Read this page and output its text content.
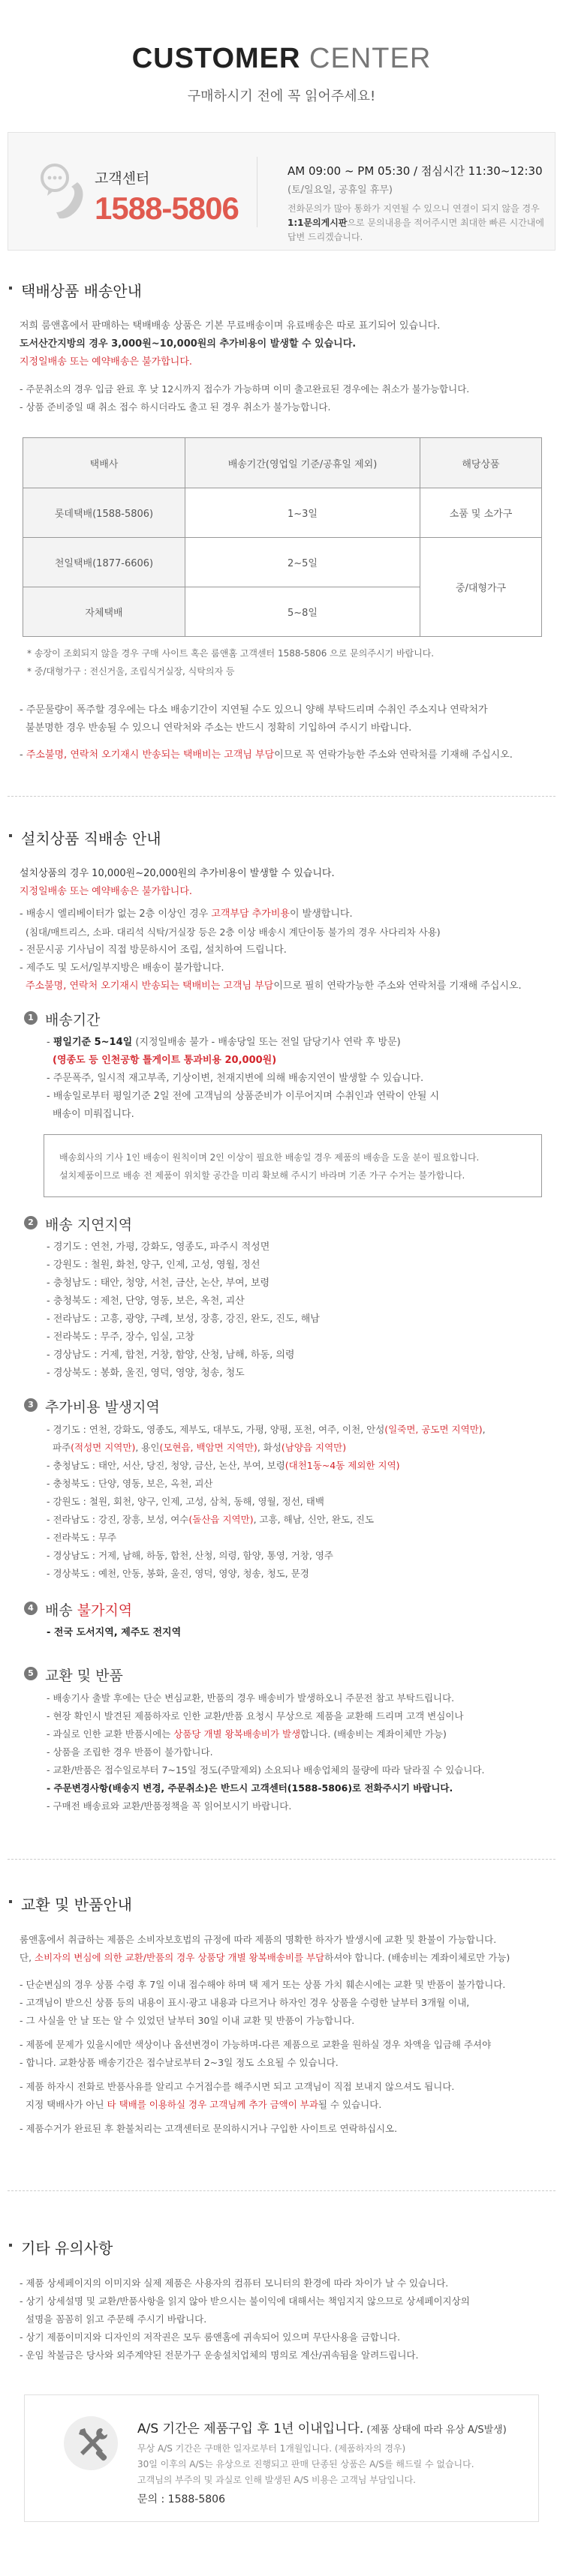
CUSTOMER CENTER
구매하시기 전에 꼭 읽어주세요!
고객센터
1588-5806
AM 09:00 ~ PM 05:30 / 점심시간 11:30~12:30
(토/일요일, 공휴일 휴무)
전화문의가 많아 통화가 지연될 수 있으니 연결이 되지 않을 경우
1:1문의게시판으로 문의내용을 적어주시면 최대한 빠른 시간내에
답변 드리겠습니다.
택배상품 배송안내
저희 룸앤홈에서 판매하는 택배배송 상품은 기본 무료배송이며 유료배송은 따로 표기되어 있습니다.
도서산간지방의 경우 3,000원~10,000원의 추가비용이 발생할 수 있습니다.
지정일배송 또는 예약배송은 불가합니다.
- 주문취소의 경우 입금 완료 후 낮 12시까지 접수가 가능하며 이미 출고완료된 경우에는 취소가 불가능합니다.
- 상품 준비중일 때 취소 접수 하시더라도 출고 된 경우 취소가 불가능합니다.
택배사	배송기간(영업일 기준/공휴일 제외)	해당상품
롯데택배(1588-5806)	1~3일	소품 및 소가구
천일택배(1877-6606)	2~5일	중/대형가구
자체택배	5~8일	
* 송장이 조회되지 않을 경우 구매 사이트 혹은 룸앤홈 고객센터 1588-5806 으로 문의주시기 바랍니다.
* 중/대형가구 : 전신거울, 조립식거실장, 식탁의자 등
- 주문물량이 폭주할 경우에는 다소 배송기간이 지연될 수도 있으니 양해 부탁드리며 수취인 주소지나 연락처가
불분명한 경우 반송될 수 있으니 연락처와 주소는 반드시 정확히 기입하여 주시기 바랍니다.
- 주소불명, 연락처 오기재시 반송되는 택배비는 고객님 부담이므로 꼭 연락가능한 주소와 연락처를 기재해 주십시오.
설치상품 직배송 안내
설치상품의 경우 10,000원~20,000원의 추가비용이 발생할 수 있습니다.
지정일배송 또는 예약배송은 불가합니다.
- 배송시 엘리베이터가 없는 2층 이상인 경우 고객부담 추가비용이 발생합니다.
(침대/매트리스, 소파. 대리석 식탁/거실장 등은 2층 이상 배송시 계단이동 불가의 경우 사다리차 사용)
- 전문시공 기사님이 직접 방문하시어 조립, 설치하여 드립니다.
- 제주도 및 도서/일부지방은 배송이 불가합니다.
주소불명, 연락처 오기재시 반송되는 택배비는 고객님 부담이므로 필히 연락가능한 주소와 연락처를 기재해 주십시오.
1 배송기간
- 평일기준 5~14일 (지정일배송 불가 - 배송당일 또는 전일 담당기사 연락 후 방문)
(영종도 등 인천공항 톨게이트 통과비용 20,000원)
- 주문폭주, 일시적 재고부족, 기상이변, 천재지변에 의해 배송지연이 발생할 수 있습니다.
- 배송일로부터 평일기준 2일 전에 고객님의 상품준비가 이루어지며 수취인과 연락이 안될 시
배송이 미뤄집니다.
배송회사의 기사 1인 배송이 원칙이며 2인 이상이 필요한 배송일 경우 제품의 배송을 도울 분이 필요합니다.
설치제품이므로 배송 전 제품이 위치할 공간을 미리 확보해 주시기 바라며 기존 가구 수거는 불가합니다.
2 배송 지연지역
- 경기도 : 연천, 가평, 강화도, 영종도, 파주시 적성면
- 강원도 : 철원, 화천, 양구, 인제, 고성, 영월, 정선
- 충청남도 : 태안, 청양, 서천, 금산, 논산, 부여, 보령
- 충청북도 : 제천, 단양, 영동, 보은, 옥천, 괴산
- 전라남도 : 고흥, 광양, 구례, 보성, 장흥, 강진, 완도, 진도, 해남
- 전라북도 : 무주, 장수, 임실, 고창
- 경상남도 : 거제, 합천, 거창, 함양, 산청, 남해, 하동, 의령
- 경상북도 : 봉화, 울진, 영덕, 영양, 청송, 청도
3 추가비용 발생지역
- 경기도 : 연천, 강화도, 영종도, 제부도, 대부도, 가평, 양평, 포천, 여주, 이천, 안성(일죽면, 공도면 지역만),
파주(적성면 지역만), 용인(모현읍, 백암면 지역만), 화성(남양읍 지역만)
- 충청남도 : 태안, 서산, 당진, 청양, 금산, 논산, 부여, 보령(대천1동~4동 제외한 지역)
- 충청북도 : 단양, 영동, 보은, 옥천, 괴산
- 강원도 : 철원, 회천, 양구, 인제, 고성, 삼척, 동해, 영월, 정선, 태백
- 전라남도 : 강진, 장흥, 보성, 여수(돌산읍 지역만), 고흥, 해남, 신안, 완도, 진도
- 전라북도 : 무주
- 경상남도 : 거제, 남해, 하동, 합천, 산청, 의령, 함양, 통영, 거창, 영주
- 경상북도 : 예천, 안동, 봉화, 울진, 영덕, 영양, 청송, 청도, 문경
4 배송 불가지역
- 전국 도서지역, 제주도 전지역
5 교환 및 반품
- 배송기사 출발 후에는 단순 변심교환, 반품의 경우 배송비가 발생하오니 주문전 참고 부탁드립니다.
- 현장 확인시 발견된 제품하자로 인한 교환/반품 요청시 무상으로 제품을 교환해 드리며 고객 변심이나
- 과실로 인한 교환 반품시에는 상품당 개별 왕복배송비가 발생합니다. (배송비는 계좌이체만 가능)
- 상품을 조립한 경우 반품이 불가합니다.
- 교환/반품은 접수일로부터 7~15일 정도(주말제외) 소요되나 배송업체의 물량에 따라 달라질 수 있습니다.
- 주문변경사항(배송지 변경, 주문취소)은 반드시 고객센터(1588-5806)로 전화주시기 바랍니다.
- 구매전 배송료와 교환/반품정책을 꼭 읽어보시기 바랍니다.
교환 및 반품안내
룸앤홈에서 취급하는 제품은 소비자보호법의 규정에 따라 제품의 명확한 하자가 발생시에 교환 및 환불이 가능합니다.
단, 소비자의 변심에 의한 교환/반품의 경우 상품당 개별 왕복배송비를 부담하셔야 합니다. (배송비는 계좌이체로만 가능)
- 단순변심의 경우 상품 수령 후 7일 이내 접수해야 하며 택 제거 또는 상품 가치 훼손시에는 교환 및 반품이 불가합니다.
- 고객님이 받으신 상품 등의 내용이 표시·광고 내용과 다르거나 하자인 경우 상품을 수령한 날부터 3개월 이내,
- 그 사실을 안 날 또는 알 수 있었던 날부터 30일 이내 교환 및 반품이 가능합니다.
- 제품에 문제가 있을시에만 색상이나 옵션변경이 가능하며-다른 제품으로 교환을 원하실 경우 차액을 입금해 주셔야
- 합니다. 교환상품 배송기간은 접수날로부터 2~3일 정도 소요될 수 있습니다.
- 제품 하자시 전화로 반품사유를 알리고 수거접수를 해주시면 되고 고객님이 직접 보내지 않으셔도 됩니다.
지정 택배사가 아닌 타 택배를 이용하실 경우 고객님께 추가 금액이 부과될 수 있습니다.
- 제품수거가 완료된 후 환불처리는 고객센터로 문의하시거나 구입한 사이트로 연락하십시오.
기타 유의사항
- 제품 상세페이지의 이미지와 실제 제품은 사용자의 컴퓨터 모니터의 환경에 따라 차이가 날 수 있습니다.
- 상기 상세설명 및 교환/반품사항을 읽지 않아 받으시는 불이익에 대해서는 책임지지 않으므로 상세페이지상의
설명을 꼼꼼히 읽고 주문해 주시기 바랍니다.
- 상기 제품이미지와 디자인의 저작권은 모두 룸앤홈에 귀속되어 있으며 무단사용을 금합니다.
- 운임 착불금은 당사와 외주계약된 전문가구 운송설치업체의 명의로 계산/귀속됨을 알려드립니다.
A/S 기간은 제품구입 후 1년 이내입니다. (제품 상태에 따라 유상 A/S발생)
무상 A/S 기간은 구매한 일자로부터 1개월입니다. (제품하자의 경우)
30일 이후의 A/S는 유상으로 진행되고 판매 단종된 상품은 A/S를 해드릴 수 없습니다.
고객님의 부주의 및 과실로 인해 발생된 A/S 비용은 고객님 부담입니다.
문의 : 1588-5806
